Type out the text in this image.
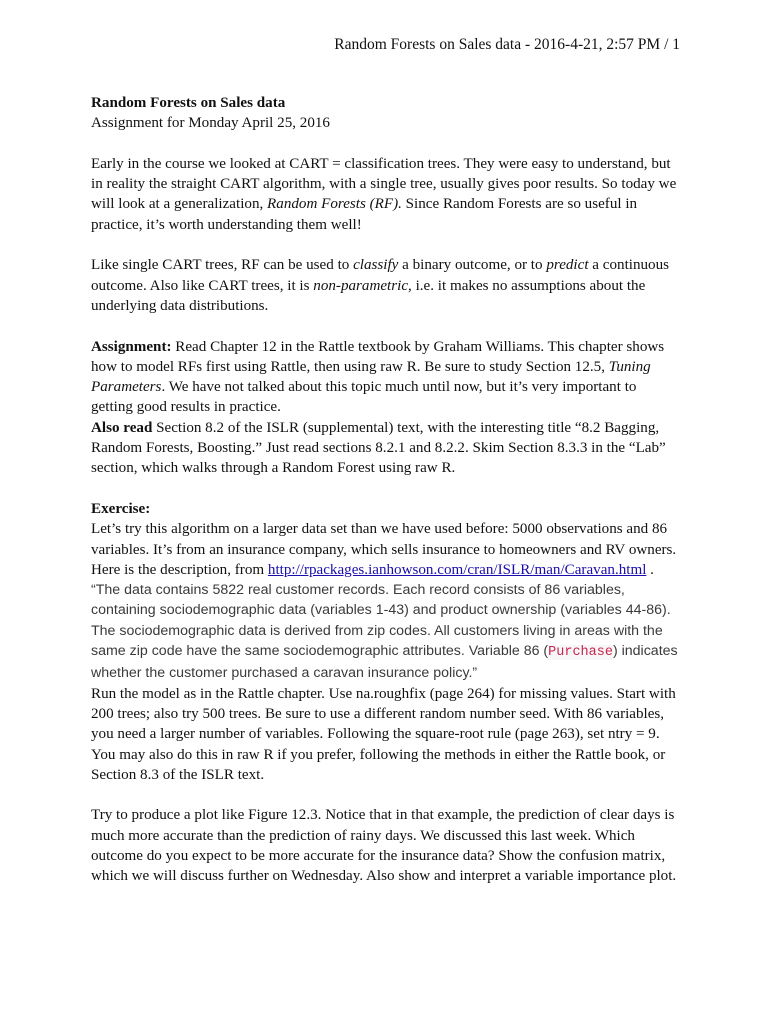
Random Forests on Sales data - 2016-4-21, 2:57 PM / 1

Random Forests on Sales data
Assignment for Monday April 25, 2016

Early in the course we looked at CART = classification trees. They were easy to understand, but in reality the straight CART algorithm, with a single tree, usually gives poor results. So today we will look at a generalization, Random Forests (RF). Since Random Forests are so useful in practice, it’s worth understanding them well!

Like single CART trees, RF can be used to classify a binary outcome, or to predict a continuous outcome. Also like CART trees, it is non-parametric, i.e. it makes no assumptions about the underlying data distributions.

Assignment: Read Chapter 12 in the Rattle textbook by Graham Williams. This chapter shows how to model RFs first using Rattle, then using raw R. Be sure to study Section 12.5, Tuning Parameters. We have not talked about this topic much until now, but it’s very important to getting good results in practice.

Also read Section 8.2 of the ISLR (supplemental) text, with the interesting title “8.2 Bagging, Random Forests, Boosting.” Just read sections 8.2.1 and 8.2.2. Skim Section 8.3.3 in the “Lab” section, which walks through a Random Forest using raw R.

Exercise:

Let’s try this algorithm on a larger data set than we have used before: 5000 observations and 86 variables. It’s from an insurance company, which sells insurance to homeowners and RV owners. Here is the description, from http://rpackages.ianhowson.com/cran/ISLR/man/Caravan.html . “The data contains 5822 real customer records. Each record consists of 86 variables, containing sociodemographic data (variables 1-43) and product ownership (variables 44-86). The sociodemographic data is derived from zip codes. All customers living in areas with the same zip code have the same sociodemographic attributes. Variable 86 (Purchase) indicates whether the customer purchased a caravan insurance policy.”
Run the model as in the Rattle chapter. Use na.roughfix (page 264) for missing values. Start with 200 trees; also try 500 trees. Be sure to use a different random number seed. With 86 variables, you need a larger number of variables. Following the square-root rule (page 263), set ntry = 9. You may also do this in raw R if you prefer, following the methods in either the Rattle book, or Section 8.3 of the ISLR text.

Try to produce a plot like Figure 12.3. Notice that in that example, the prediction of clear days is much more accurate than the prediction of rainy days. We discussed this last week. Which outcome do you expect to be more accurate for the insurance data? Show the confusion matrix, which we will discuss further on Wednesday. Also show and interpret a variable importance plot.
